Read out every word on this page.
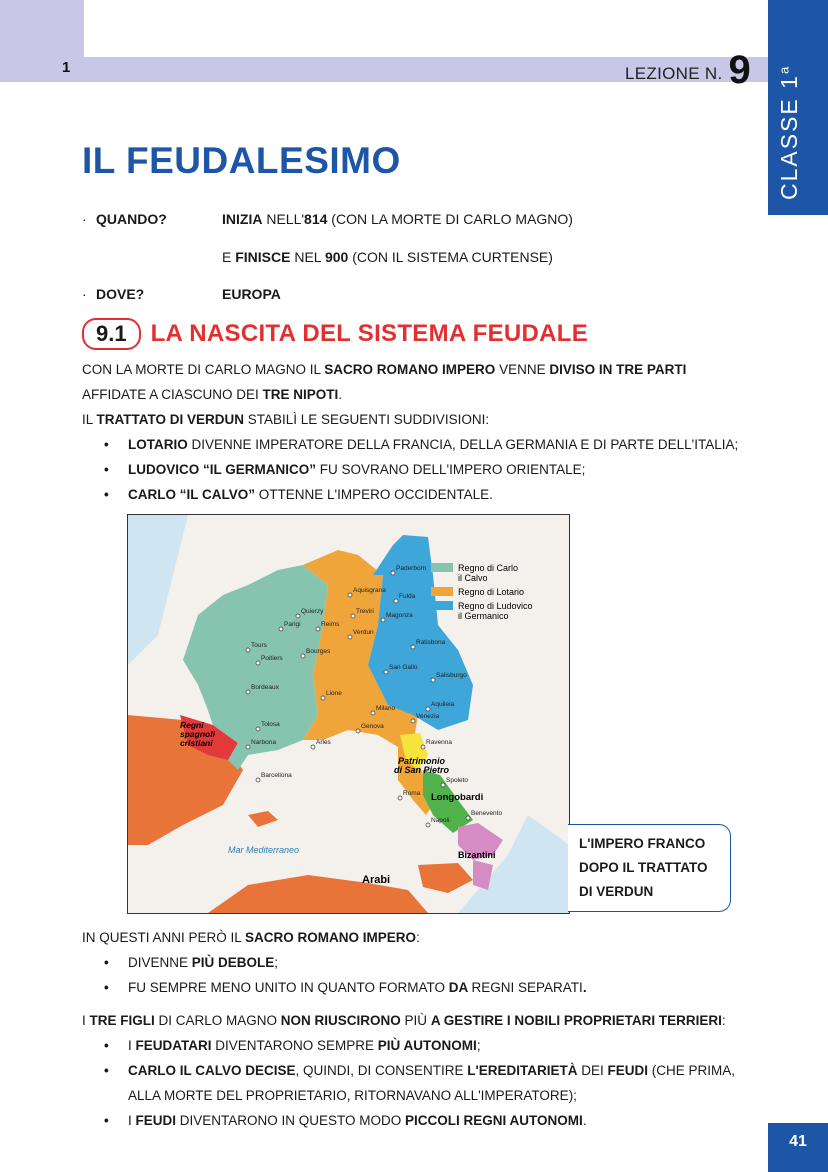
1	LEZIONE N. 9
CLASSE 1$^a$
IL FEUDALESIMO
· QUANDO?	INIZIA NELL'814 (CON LA MORTE DI CARLO MAGNO)
E FINISCE NEL 900 (CON IL SISTEMA CURTENSE)
· DOVE?	EUROPA
9.1	LA NASCITA DEL SISTEMA FEUDALE
CON LA MORTE DI CARLO MAGNO IL SACRO ROMANO IMPERO VENNE DIVISO IN TRE PARTI
AFFIDATE A CIASCUNO DEI TRE NIPOTI.
IL TRATTATO DI VERDUN STABILÌ LE SEGUENTI SUDDIVISIONI:
• LOTARIO DIVENNE IMPERATORE DELLA FRANCIA, DELLA GERMANIA E DI PARTE DELL'ITALIA;
• LUDOVICO “IL GERMANICO” FU SOVRANO DELL'IMPERO ORIENTALE;
• CARLO “IL CALVO” OTTENNE L'IMPERO OCCIDENTALE.
Regno di Carlo
il Calvo
Regno di Lotario
Regno di Ludovico
il Germanico
Paderborn
Aquisgrana
Fulda
Quierzy	Treviri
Magonza
Parigi	Reims
Verdun
Tours
Bourges
Poitiers
Ratisbona
San Gallo
Salisburgo
Bordeaux
Lione
Aquileia
Milano
Venezia
Genova
Tolosa
Narbona	Arles	Ravenna
Barcellona
Spoleto
Roma
Benevento
Napoli
Regni
spagnoli
cristiani
Patrimonio
di San Pietro
Longobardi
Bizantini
Arabi
Mar Mediterraneo	L'IMPERO FRANCO
DOPO IL TRATTATO
DI VERDUN
IN QUESTI ANNI PERÒ IL SACRO ROMANO IMPERO:
• DIVENNE PIÙ DEBOLE;
• FU SEMPRE MENO UNITO IN QUANTO FORMATO DA REGNI SEPARATI.
I TRE FIGLI DI CARLO MAGNO NON RIUSCIRONO PIÙ A GESTIRE I NOBILI PROPRIETARI TERRIERI:
• I FEUDATARI DIVENTARONO SEMPRE PIÙ AUTONOMI;
• CARLO IL CALVO DECISE, QUINDI, DI CONSENTIRE L'EREDITARIETÀ DEI FEUDI (CHE PRIMA,
ALLA MORTE DEL PROPRIETARIO, RITORNAVANO ALL'IMPERATORE);
• I FEUDI DIVENTARONO IN QUESTO MODO PICCOLI REGNI AUTONOMI.
41
